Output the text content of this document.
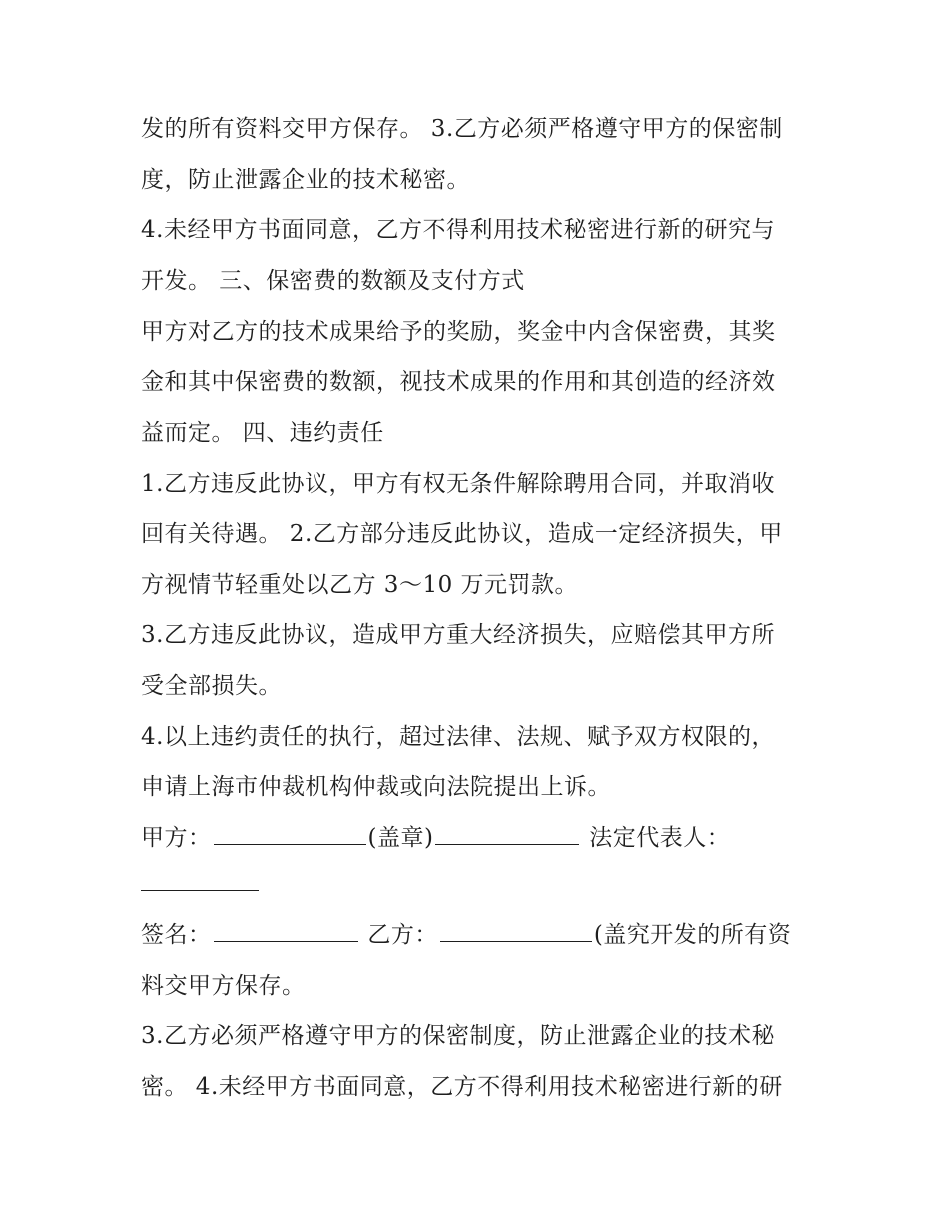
发的所有资料交甲方保存。 3.乙方必须严格遵守甲方的保密制
度，防止泄露企业的技术秘密。
4.未经甲方书面同意，乙方不得利用技术秘密进行新的研究与
开发。 三、保密费的数额及支付方式
甲方对乙方的技术成果给予的奖励，奖金中内含保密费，其奖
金和其中保密费的数额，视技术成果的作用和其创造的经济效
益而定。 四、违约责任
1.乙方违反此协议，甲方有权无条件解除聘用合同，并取消收
回有关待遇。 2.乙方部分违反此协议，造成一定经济损失，甲
方视情节轻重处以乙方 3～10 万元罚款。
3.乙方违反此协议，造成甲方重大经济损失，应赔偿其甲方所
受全部损失。
4.以上违约责任的执行，超过法律、法规、赋予双方权限的，
申请上海市仲裁机构仲裁或向法院提出上诉。
甲方：	(盖章)	法定代表人：
签名：	乙方：	(盖究开发的所有资
料交甲方保存。
3.乙方必须严格遵守甲方的保密制度，防止泄露企业的技术秘
密。 4.未经甲方书面同意，乙方不得利用技术秘密进行新的研
